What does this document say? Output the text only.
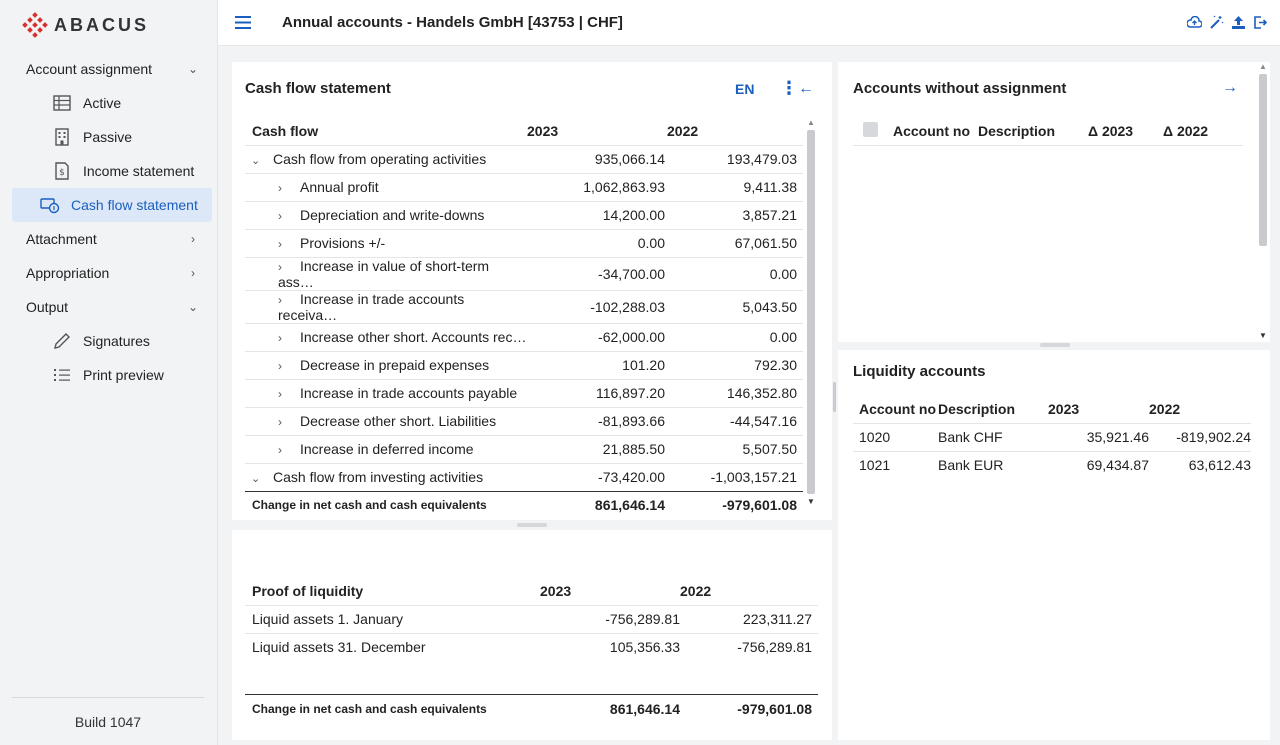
ABACUS
Account assignment	⌄
Active
Passive
$ Income statement
Cash flow statement
Attachment	›
Appropriation	›
Output	⌄
Signatures
Print preview
Build 1047
Annual accounts - Handels GmbH [43753 | CHF]
Cash flow statement	EN ⋮ ←
Cash flow	2023	2022
⌄ Cash flow from operating activities	935,066.14	193,479.03
› Annual profit	1,062,863.93	9,411.38
› Depreciation and write-downs	14,200.00	3,857.21
› Provisions +/-	0.00	67,061.50
› Increase in value of short-term ass…	-34,700.00	0.00
› Increase in trade accounts receiva…	-102,288.03	5,043.50
› Increase other short. Accounts rec…	-62,000.00	0.00
› Decrease in prepaid expenses	101.20	792.30
› Increase in trade accounts payable	116,897.20	146,352.80
› Decrease other short. Liabilities	-81,893.66	-44,547.16
› Increase in deferred income	21,885.50	5,507.50
⌄ Cash flow from investing activities	-73,420.00	-1,003,157.21
Change in net cash and cash equivalents	861,646.14	-979,601.08
▲
▼
Proof of liquidity	2023	2022
Liquid assets 1. January	-756,289.81	223,311.27
Liquid assets 31. December	105,356.33	-756,289.81
Change in net cash and cash equivalents	861,646.14	-979,601.08
Accounts without assignment	→
	Account no	Description	Δ 2023	Δ 2022
▲
▼
Liquidity accounts
Account no	Description	2023	2022
1020	Bank CHF	35,921.46	-819,902.24
1021	Bank EUR	69,434.87	63,612.43
